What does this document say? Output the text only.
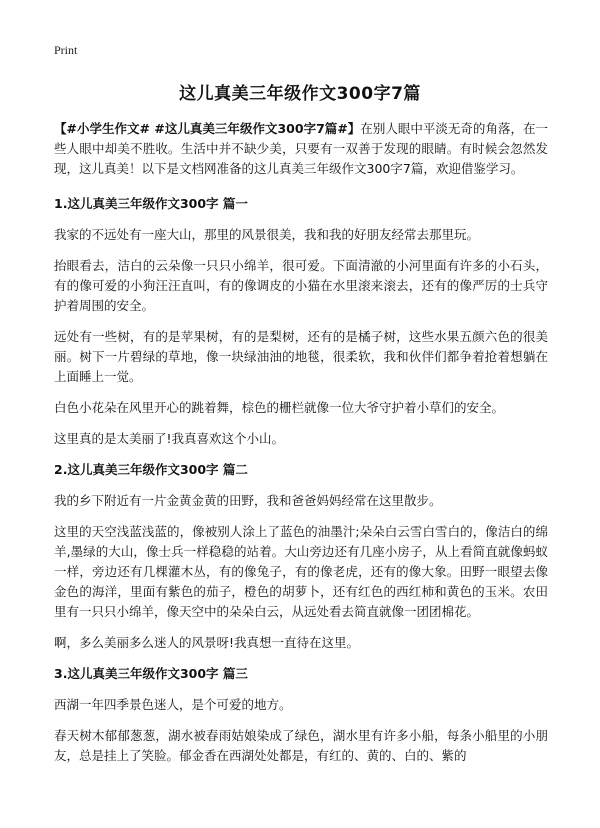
Print
这儿真美三年级作文300字7篇

【#小学生作文# #这儿真美三年级作文300字7篇#】在别人眼中平淡无奇的角落，在一些人眼中却美不胜收。生活中并不缺少美，只要有一双善于发现的眼睛。有时候会忽然发现，这儿真美！以下是文档网准备的这儿真美三年级作文300字7篇，欢迎借鉴学习。

1.这儿真美三年级作文300字 篇一

我家的不远处有一座大山，那里的风景很美，我和我的好朋友经常去那里玩。

抬眼看去，洁白的云朵像一只只小绵羊，很可爱。下面清澈的小河里面有许多的小石头，有的像可爱的小狗汪汪直叫，有的像调皮的小猫在水里滚来滚去，还有的像严厉的士兵守护着周围的安全。

远处有一些树，有的是苹果树，有的是梨树，还有的是橘子树，这些水果五颜六色的很美丽。树下一片碧绿的草地，像一块绿油油的地毯，很柔软，我和伙伴们都争着抢着想躺在上面睡上一觉。

白色小花朵在风里开心的跳着舞，棕色的栅栏就像一位大爷守护着小草们的安全。

这里真的是太美丽了!我真喜欢这个小山。

2.这儿真美三年级作文300字 篇二

我的乡下附近有一片金黄金黄的田野，我和爸爸妈妈经常在这里散步。

这里的天空浅蓝浅蓝的，像被别人涂上了蓝色的油墨汁;朵朵白云雪白雪白的，像洁白的绵羊,墨绿的大山，像士兵一样稳稳的站着。大山旁边还有几座小房子，从上看简直就像蚂蚁一样，旁边还有几棵灌木丛，有的像兔子，有的像老虎，还有的像大象。田野一眼望去像金色的海洋，里面有紫色的茄子，橙色的胡萝卜，还有红色的西红柿和黄色的玉米。农田里有一只只小绵羊，像天空中的朵朵白云，从远处看去简直就像一团团棉花。

啊，多么美丽多么迷人的风景呀!我真想一直待在这里。

3.这儿真美三年级作文300字 篇三

西湖一年四季景色迷人，是个可爱的地方。

春天树木郁郁葱葱，湖水被春雨姑娘染成了绿色，湖水里有许多小船，每条小船里的小朋友，总是挂上了笑脸。郁金香在西湖处处都是，有红的、黄的、白的、紫的
